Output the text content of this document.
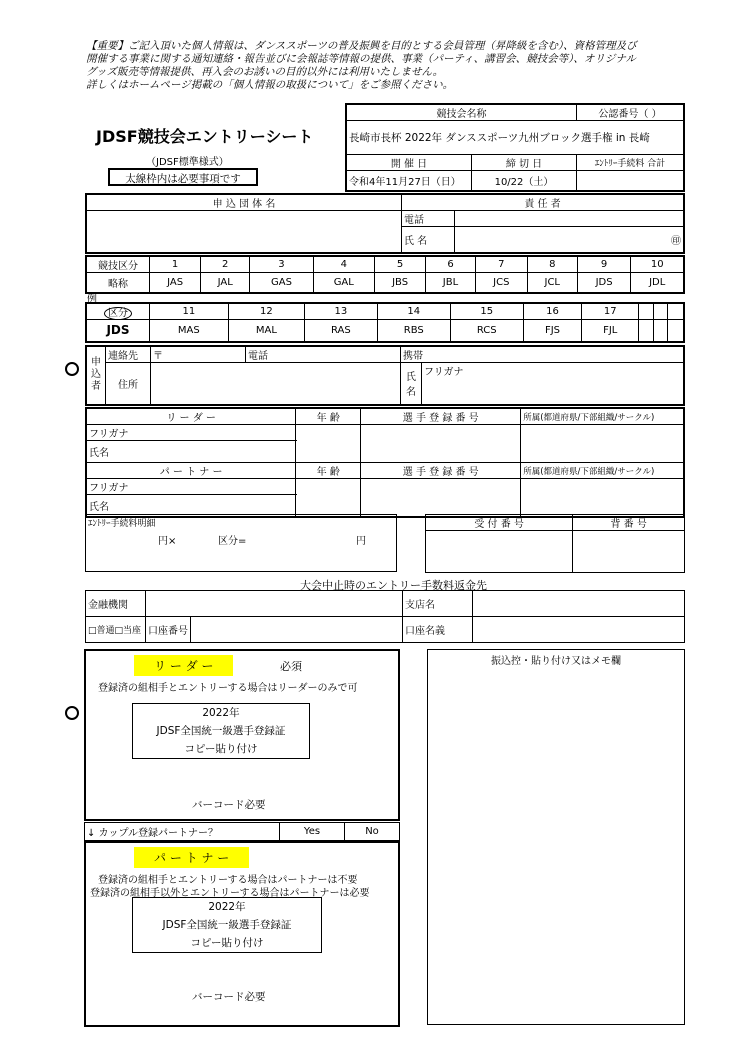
【重要】ご記入頂いた個人情報は、ダンススポーツの普及振興を目的とする会員管理（昇降級を含む）、資格管理及び
開催する事業に関する通知連絡・報告並びに会報誌等情報の提供、事業（パーティ、講習会、競技会等）、オリジナル
グッズ販売等情報提供、再入会のお誘いの目的以外には利用いたしません。
詳しくはホームページ掲載の「個人情報の取扱について」をご参照ください。
JDSF競技会エントリーシート
（JDSF標準様式）
太線枠内は必要事項です
競技会名称		公認番号（ ）
長崎市長杯 2022年 ダンススポーツ九州ブロック選手権 in 長崎		
開 催 日	締 切 日	ｴﾝﾄﾘｰ手続料 合計
令和4年11月27日（日）	10/22（土）	
申 込 団 体 名	責 任 者	
	電話	
	氏 名	㊞
競技区分	1	2	3	4	5	6	7	8	9	10
略称	JAS	JAL	GAS	GAL	JBS	JBL	JCS	JCL	JDS	JDL
例
区分	11	12	13	14	15	16	17			
JDS	MAS	MAL	RAS	RBS	RCS	FJS	FJL			
申込者	連絡先	〒	電話	携帯	
	住所			氏名	フリガナ
リ ー ダ ー	年 齢	選 手 登 録 番 号	所属(都道府県/下部組織/サークル)
フリガナ			
氏名			
パ ー ト ナ ー	年 齢	選 手 登 録 番 号	所属(都道府県/下部組織/サークル)
フリガナ			
氏名			
ｴﾝﾄﾘｰ手続料明細
円×	区分=	円
受 付 番 号	背 番 号

大会中止時のエントリー手数料返金先
金融機関			支店名	
□普通□当座	口座番号		口座名義	
リ ー ダ ー	必須
登録済の組相手とエントリーする場合はリーダーのみで可
2022年
JDSF全国統一級選手登録証
コピー貼り付け
バーコード必要
↓ カップル登録パートナー？	Yes	No
パ ー ト ナ ー
登録済の組相手とエントリーする場合はパートナーは不要
登録済の組相手以外とエントリーする場合はパートナーは必要
2022年
JDSF全国統一級選手登録証
コピー貼り付け
バーコード必要
振込控・貼り付け又はメモ欄
